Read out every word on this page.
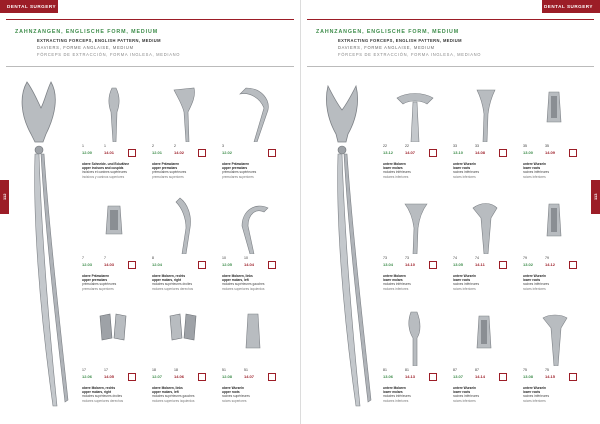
DENTAL SURGERY
ZAHNZANGEN, ENGLISCHE FORM, MEDIUM
EXTRACTING FORCEPS, ENGLISH PATTERN, MEDIUM
DAVIERS, FORME ANGLAISE, MEDIUM
FÓRCEPS DE EXTRACCIÓN, FORMA INGLESA, MEDIANO
112
1
12.00
1
14.01
obere Schneide- und Eckzähne
upper incisors and cuspids
incisives et canines supérieures
incisivos y caninos superiores
2
12.01
2
14.02
obere Prämolaren
upper premolars
prémolaires supérieures
premolares superiores
3
12.02
obere Prämolaren
upper premolars
prémolaires supérieures
premolares superiores
7
12.03
7
14.03
obere Prämolaren
upper premolars
prémolaires supérieures
premolares superiores
8
12.04
obere Molaren, rechts
upper molars, right
molaires supérieures droites
molares superiores derechos
10
12.05
10
14.04
obere Molaren, links
upper molars, left
molaires supérieures gauches
molares superiores izquierdos
17
12.06
17
14.05
obere Molaren, rechts
upper molars, right
molaires supérieures droites
molares superiores derechos
18
12.07
18
14.06
obere Molaren, links
upper molars, left
molaires supérieures gauches
molares superiores izquierdos
51
12.08
51
14.07
obere Wurzeln
upper roots
racines supérieures
raíces superiores
DENTAL SURGERY
ZAHNZANGEN, ENGLISCHE FORM, MEDIUM
EXTRACTING FORCEPS, ENGLISH PATTERN, MEDIUM
DAVIERS, FORME ANGLAISE, MEDIUM
FÓRCEPS DE EXTRACCIÓN, FORMA INGLESA, MEDIANO
113
22
13.12
22
14.07
untere Molaren
lower molars
molaires inférieures
molares inferiores
33
13.10
33
14.08
untere Wurzeln
lower roots
racines inférieures
raíces inferiores
35
13.00
35
14.09
untere Wurzeln
lower roots
racines inférieures
raíces inferiores
73
13.04
73
14.10
untere Molaren
lower molars
molaires inférieures
molares inferiores
74
13.05
74
14.11
untere Wurzeln
lower roots
racines inférieures
raíces inferiores
79
13.02
79
14.12
untere Wurzeln
lower roots
racines inférieures
raíces inferiores
81
13.06
81
14.13
untere Molaren
lower molars
molaires inférieures
molares inferiores
87
13.07
87
14.14
untere Wurzeln
lower roots
racines inférieures
raíces inferiores
75
13.08
75
14.15
untere Wurzeln
lower roots
racines inférieures
raíces inferiores
